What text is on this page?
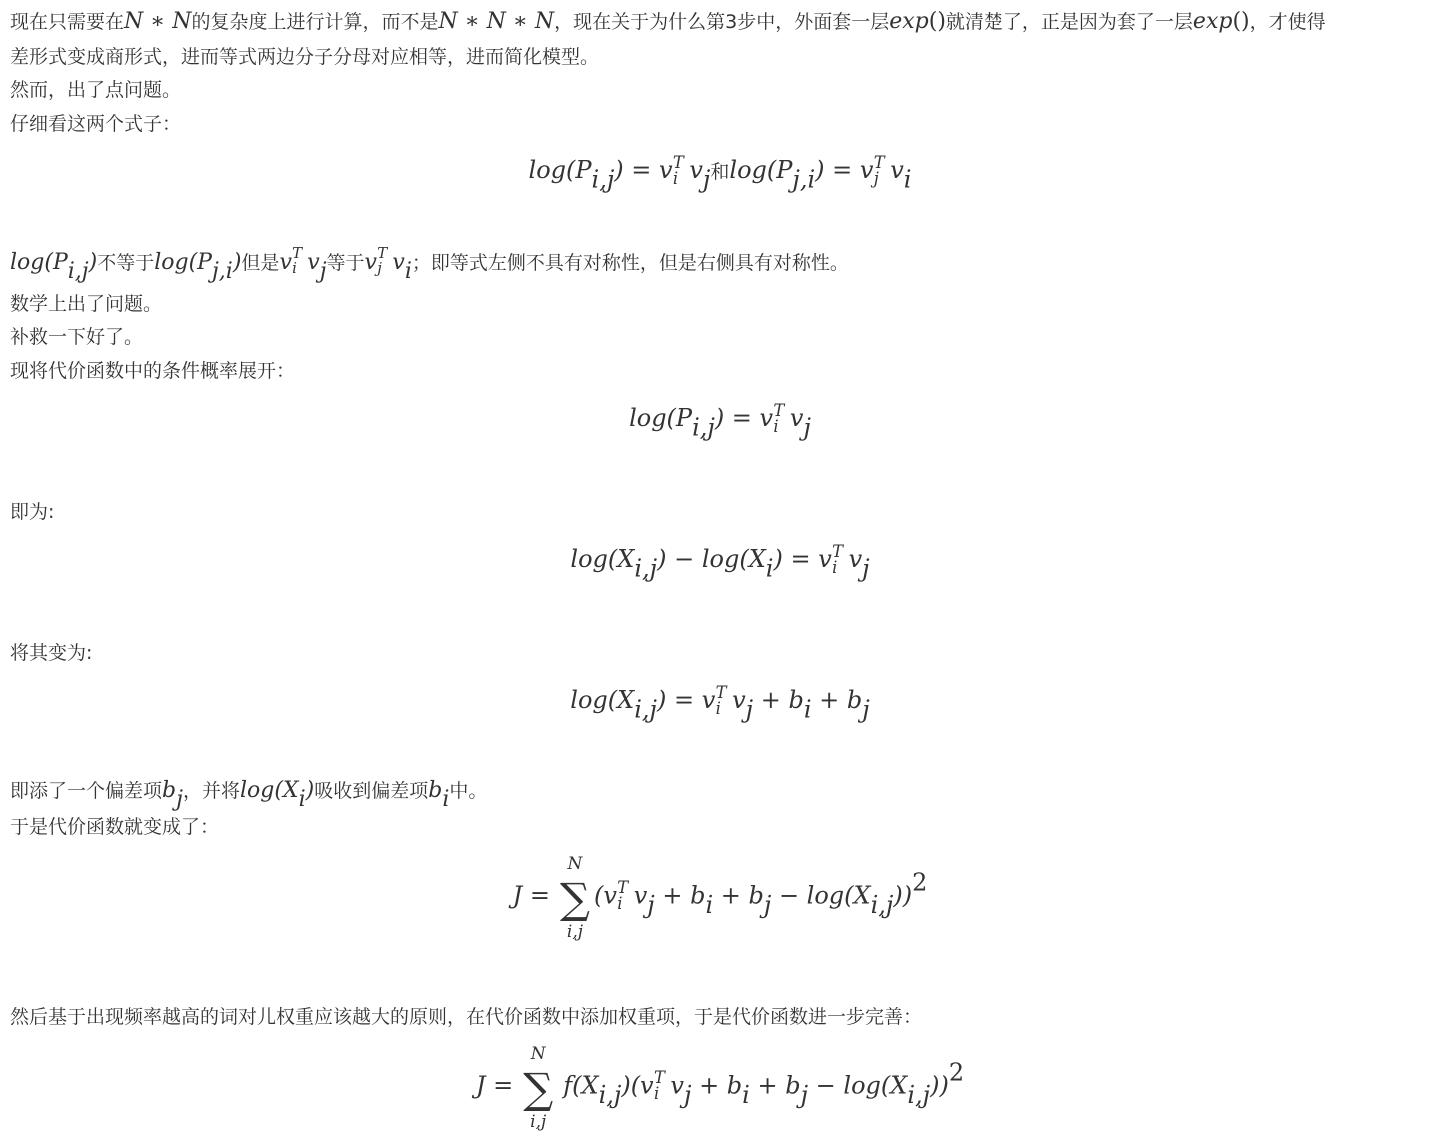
现在只需要在N ∗ N的复杂度上进行计算，而不是N ∗ N ∗ N，现在关于为什么第3步中，外面套一层exp()就清楚了，正是因为套了一层exp()，才使得
差形式变成商形式，进而等式两边分子分母对应相等，进而简化模型。
然而，出了点问题。
仔细看这两个式子：
$\log(P_{i,j}) = v$ T
i $v_j$和$\log(P_{j,i}) = v$ T
j $v_i$
$\log(P_{i,j})$不等于$\log(P_{j,i})$但是v T
i $v_j$等于v T
j $v_i$；即等式左侧不具有对称性，但是右侧具有对称性。
数学上出了问题。
补救一下好了。
现将代价函数中的条件概率展开：
$\log(P_{i,j}) = v$ T
i $v_j$
即为:
$\log(X_{i,j}) - \log(X_i) = v$ T
i $v_j$
将其变为:
$\log(X_{i,j}) = v$ T
i $v_j + b_i + b_j$
即添了一个偏差项$b_j$，并将$\log(X_i)$吸收到偏差项$b_i$中。
于是代价函数就变成了：
J =
N
∑
i,j
(v T
i $v_j + b_i + b_j - \log(X_{i,j}))^2$
然后基于出现频率越高的词对儿权重应该越大的原则，在代价函数中添加权重项，于是代价函数进一步完善：
J =
N
∑
i,j
$f(X_{i,j})(v$ T
i $v_j + b_i + b_j - \log(X_{i,j}))^2$
